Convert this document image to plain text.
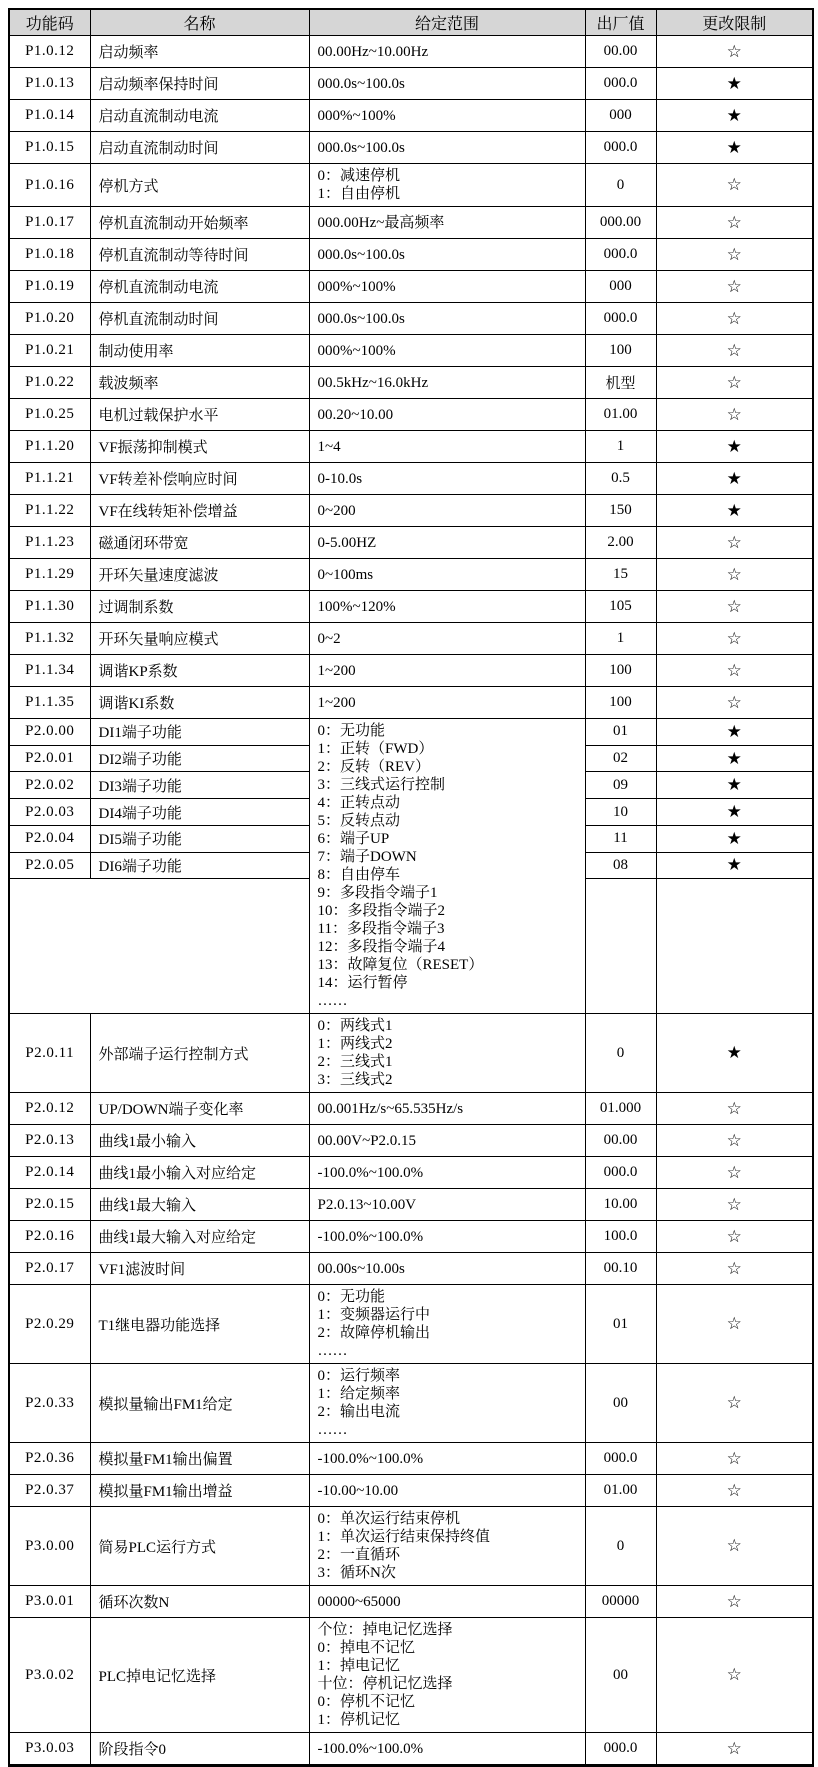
功能码	名称	给定范围	出厂值	更改限制
P1.0.12	启动频率	00.00Hz~10.00Hz	00.00	☆
P1.0.13	启动频率保持时间	000.0s~100.0s	000.0	★
P1.0.14	启动直流制动电流	000%~100%	000	★
P1.0.15	启动直流制动时间	000.0s~100.0s	000.0	★
P1.0.16	停机方式	0：减速停机
1：自由停机	0	☆
P1.0.17	停机直流制动开始频率	000.00Hz~最高频率	000.00	☆
P1.0.18	停机直流制动等待时间	000.0s~100.0s	000.0	☆
P1.0.19	停机直流制动电流	000%~100%	000	☆
P1.0.20	停机直流制动时间	000.0s~100.0s	000.0	☆
P1.0.21	制动使用率	000%~100%	100	☆
P1.0.22	载波频率	00.5kHz~16.0kHz	机型	☆
P1.0.25	电机过载保护水平	00.20~10.00	01.00	☆
P1.1.20	VF振荡抑制模式	1~4	1	★
P1.1.21	VF转差补偿响应时间	0-10.0s	0.5	★
P1.1.22	VF在线转矩补偿增益	0~200	150	★
P1.1.23	磁通闭环带宽	0-5.00HZ	2.00	☆
P1.1.29	开环矢量速度滤波	0~100ms	15	☆
P1.1.30	过调制系数	100%~120%	105	☆
P1.1.32	开环矢量响应模式	0~2	1	☆
P1.1.34	调谐KP系数	1~200	100	☆
P1.1.35	调谐KI系数	1~200	100	☆
P2.0.00	DI1端子功能	0：无功能
1：正转（FWD）
2：反转（REV）
3：三线式运行控制
4：正转点动
5：反转点动
6：端子UP
7：端子DOWN
8：自由停车
9：多段指令端子1
10：多段指令端子2
11：多段指令端子3
12：多段指令端子4
13：故障复位（RESET）
14：运行暂停
……
	01	★
P2.0.01	DI2端子功能		02	★
P2.0.02	DI3端子功能		09	★
P2.0.03	DI4端子功能		10	★
P2.0.04	DI5端子功能		11	★
P2.0.05	DI6端子功能		08	★

P2.0.11	外部端子运行控制方式	0：两线式1
1：两线式2
2：三线式1
3：三线式2	0	★
P2.0.12	UP/DOWN端子变化率	00.001Hz/s~65.535Hz/s	01.000	☆
P2.0.13	曲线1最小输入	00.00V~P2.0.15	00.00	☆
P2.0.14	曲线1最小输入对应给定	-100.0%~100.0%	000.0	☆
P2.0.15	曲线1最大输入	P2.0.13~10.00V	10.00	☆
P2.0.16	曲线1最大输入对应给定	-100.0%~100.0%	100.0	☆
P2.0.17	VF1滤波时间	00.00s~10.00s	00.10	☆
P2.0.29	T1继电器功能选择	0：无功能
1：变频器运行中
2：故障停机输出
……	01	☆
P2.0.33	模拟量输出FM1给定	0：运行频率
1：给定频率
2：输出电流
……	00	☆
P2.0.36	模拟量FM1输出偏置	-100.0%~100.0%	000.0	☆
P2.0.37	模拟量FM1输出增益	-10.00~10.00	01.00	☆
P3.0.00	简易PLC运行方式	0：单次运行结束停机
1：单次运行结束保持终值
2：一直循环
3：循环N次	0	☆
P3.0.01	循环次数N	00000~65000	00000	☆
P3.0.02	PLC掉电记忆选择	
个位：掉电记忆选择
0：掉电不记忆
1：掉电记忆
十位：停机记忆选择
0：停机不记忆
1：停机记忆
	00	☆
P3.0.03	阶段指令0	-100.0%~100.0%	000.0	☆
